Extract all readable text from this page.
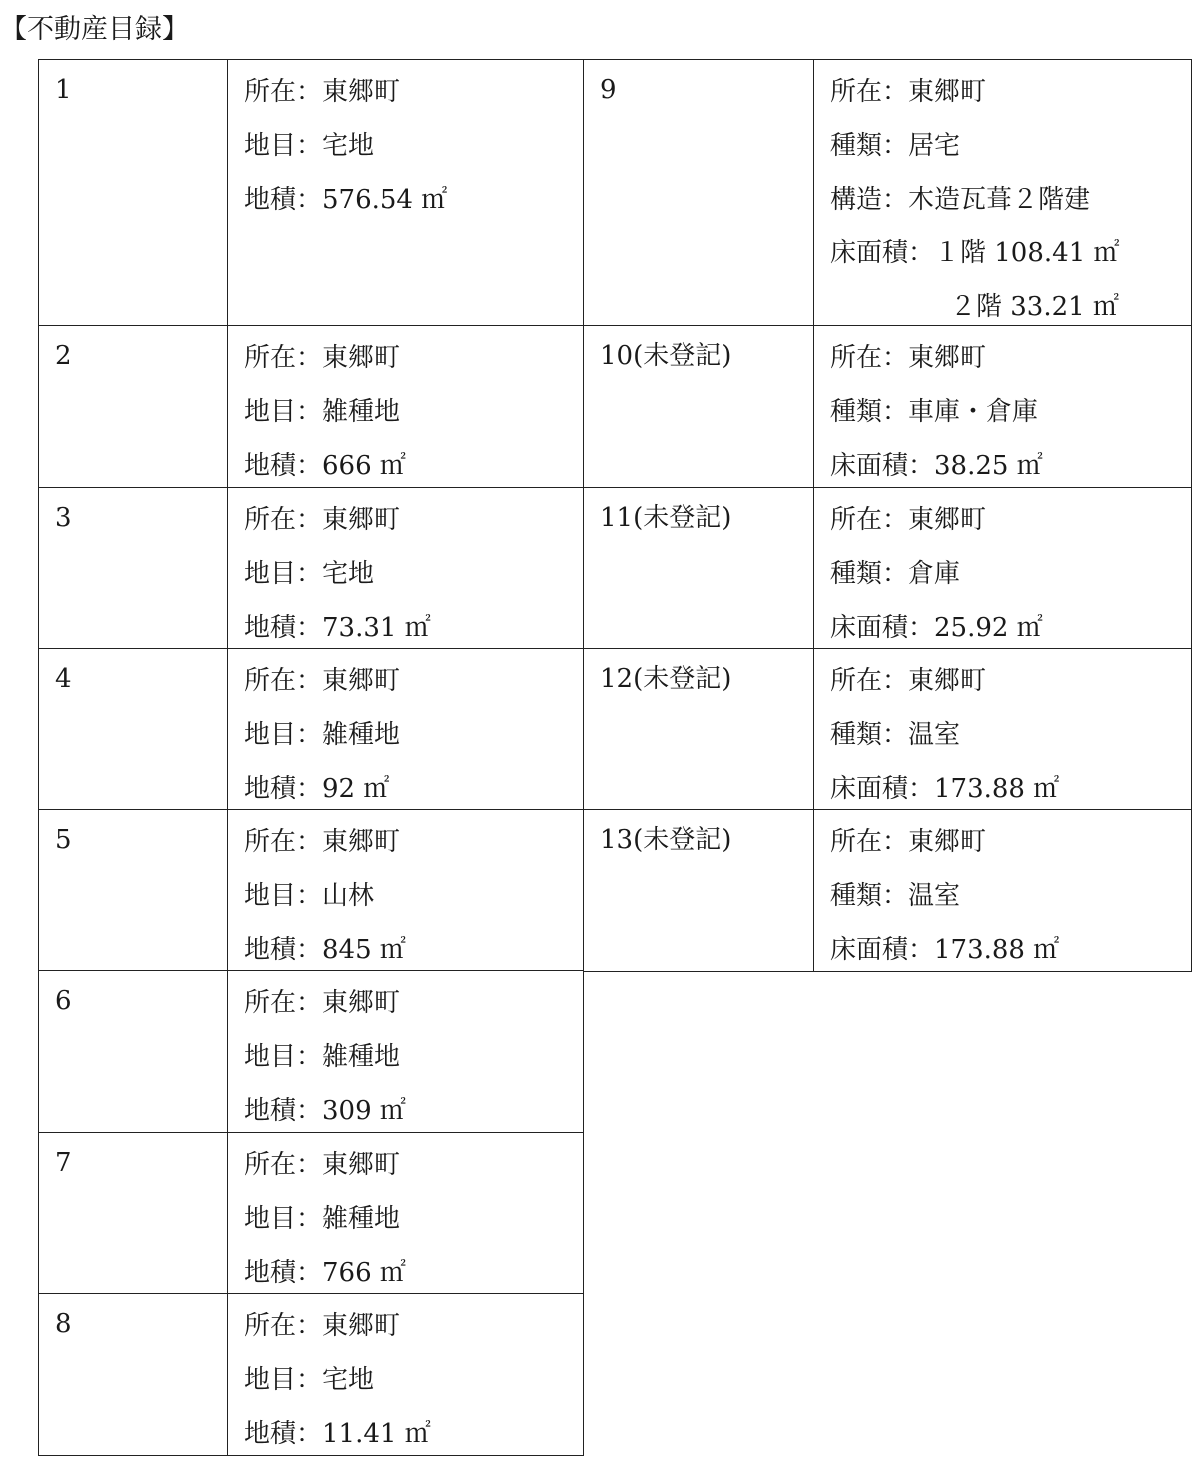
【不動産目録】
1	所在：東郷町
地目：宅地
地積：576.54 ㎡
2	所在：東郷町
地目：雑種地
地積：666 ㎡
3	所在：東郷町
地目：宅地
地積：73.31 ㎡
4	所在：東郷町
地目：雑種地
地積：92 ㎡
5	所在：東郷町
地目：山林
地積：845 ㎡
6	所在：東郷町
地目：雑種地
地積：309 ㎡
7	所在：東郷町
地目：雑種地
地積：766 ㎡
8	所在：東郷町
地目：宅地
地積：11.41 ㎡
9	所在：東郷町
種類：居宅
構造：木造瓦葺２階建
床面積：１階 108.41 ㎡
２階 33.21 ㎡
10(未登記)	所在：東郷町
種類：車庫・倉庫
床面積：38.25 ㎡
11(未登記)	所在：東郷町
種類：倉庫
床面積：25.92 ㎡
12(未登記)	所在：東郷町
種類：温室
床面積：173.88 ㎡
13(未登記)	所在：東郷町
種類：温室
床面積：173.88 ㎡
